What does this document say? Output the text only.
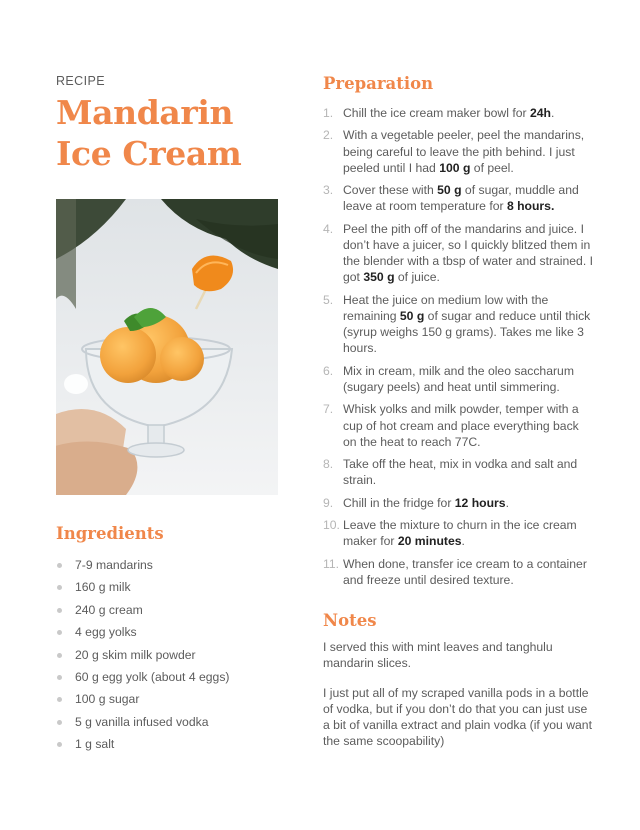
RECIPE

Mandarin Ice Cream
Ingredients
7-9 mandarins
160 g milk
240 g cream
4 egg yolks
20 g skim milk powder
60 g egg yolk (about 4 eggs)
100 g sugar
5 g vanilla infused vodka
1 g salt
Preparation
1. Chill the ice cream maker bowl for 24h.
2. With a vegetable peeler, peel the mandarins, being careful to leave the pith behind. I just peeled until I had 100 g of peel.
3. Cover these with 50 g of sugar, muddle and leave at room temperature for 8 hours.
4. Peel the pith off of the mandarins and juice. I don’t have a juicer, so I quickly blitzed them in the blender with a tbsp of water and strained. I got 350 g of juice.
5. Heat the juice on medium low with the remaining 50 g of sugar and reduce until thick (syrup weighs 150 g grams). Takes me like 3 hours.
6. Mix in cream, milk and the oleo saccharum (sugary peels) and heat until simmering.
7. Whisk yolks and milk powder, temper with a cup of hot cream and place everything back on the heat to reach 77C.
8. Take off the heat, mix in vodka and salt and strain.
9. Chill in the fridge for 12 hours.
10. Leave the mixture to churn in the ice cream maker for 20 minutes.
11. When done, transfer ice cream to a container and freeze until desired texture.
Notes

I served this with mint leaves and tanghulu mandarin slices.

I just put all of my scraped vanilla pods in a bottle of vodka, but if you don’t do that you can just use a bit of vanilla extract and plain vodka (if you want the same scoopability)
